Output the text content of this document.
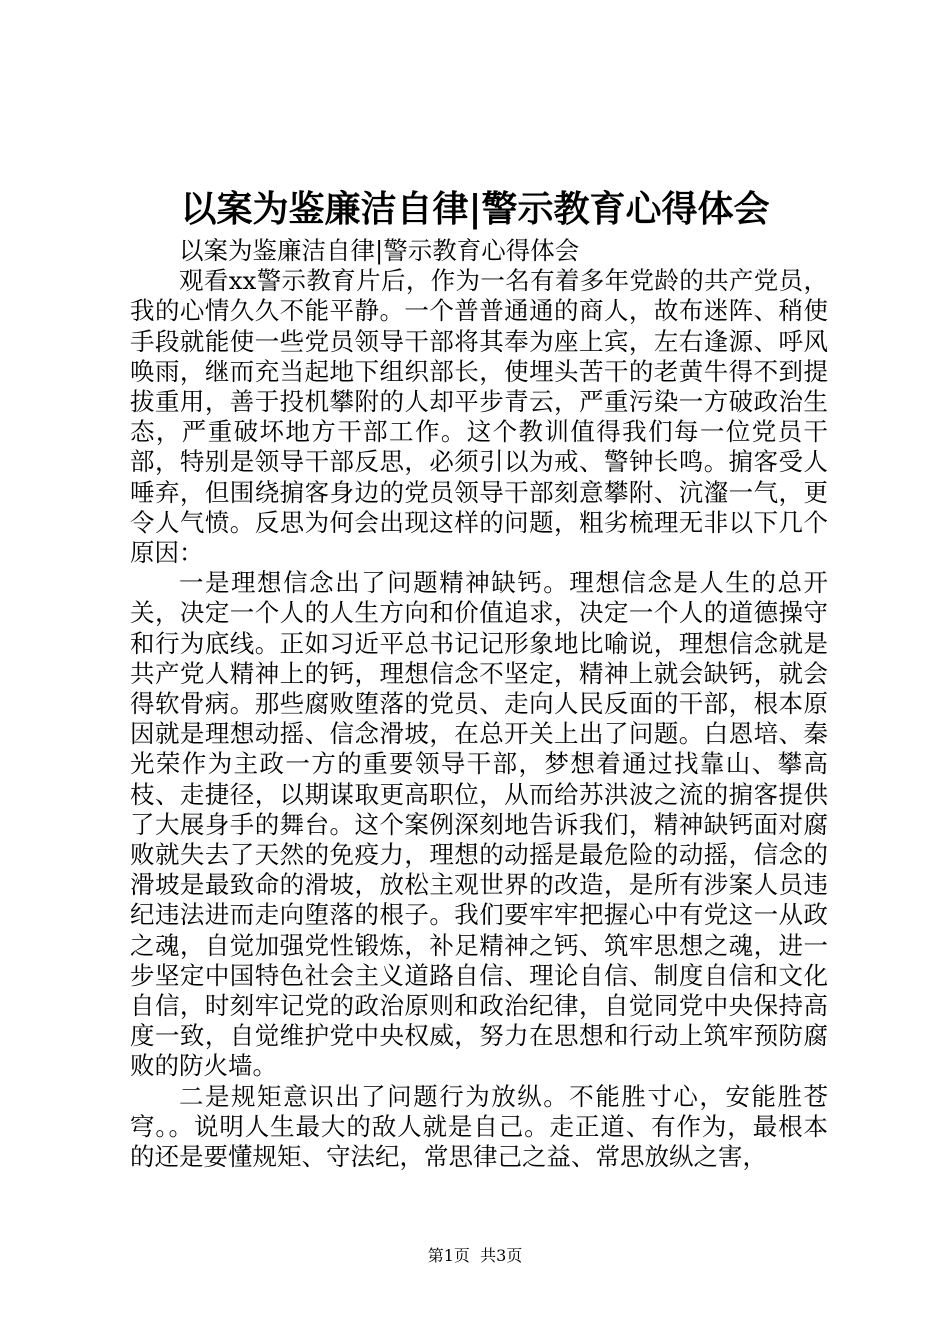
以案为鉴廉洁自律|警示教育心得体会

以案为鉴廉洁自律|警示教育心得体会

观看xx警示教育片后，作为一名有着多年党龄的共产党员，我的心情久久不能平静。一个普普通通的商人，故布迷阵、稍使手段就能使一些党员领导干部将其奉为座上宾，左右逢源、呼风唤雨，继而充当起地下组织部长，使埋头苦干的老黄牛得不到提拔重用，善于投机攀附的人却平步青云，严重污染一方破政治生态，严重破坏地方干部工作。这个教训值得我们每一位党员干部，特别是领导干部反思，必须引以为戒、警钟长鸣。掮客受人唾弃，但围绕掮客身边的党员领导干部刻意攀附、沆瀣一气，更令人气愤。反思为何会出现这样的问题，粗劣梳理无非以下几个原因：

一是理想信念出了问题精神缺钙。理想信念是人生的总开关，决定一个人的人生方向和价值追求，决定一个人的道德操守和行为底线。正如习近平总书记记形象地比喻说，理想信念就是共产党人精神上的钙，理想信念不坚定，精神上就会缺钙，就会得软骨病。那些腐败堕落的党员、走向人民反面的干部，根本原因就是理想动摇、信念滑坡，在总开关上出了问题。白恩培、秦光荣作为主政一方的重要领导干部，梦想着通过找靠山、攀高枝、走捷径，以期谋取更高职位，从而给苏洪波之流的掮客提供了大展身手的舞台。这个案例深刻地告诉我们，精神缺钙面对腐败就失去了天然的免疫力，理想的动摇是最危险的动摇，信念的滑坡是最致命的滑坡，放松主观世界的改造，是所有涉案人员违纪违法进而走向堕落的根子。我们要牢牢把握心中有党这一从政之魂，自觉加强党性锻炼，补足精神之钙、筑牢思想之魂，进一步坚定中国特色社会主义道路自信、理论自信、制度自信和文化自信，时刻牢记党的政治原则和政治纪律，自觉同党中央保持高度一致，自觉维护党中央权威，努力在思想和行动上筑牢预防腐败的防火墙。

二是规矩意识出了问题行为放纵。不能胜寸心，安能胜苍穹。。说明人生最大的敌人就是自己。走正道、有作为，最根本的还是要懂规矩、守法纪，常思律己之益、常思放纵之害，

第1页 共3页
